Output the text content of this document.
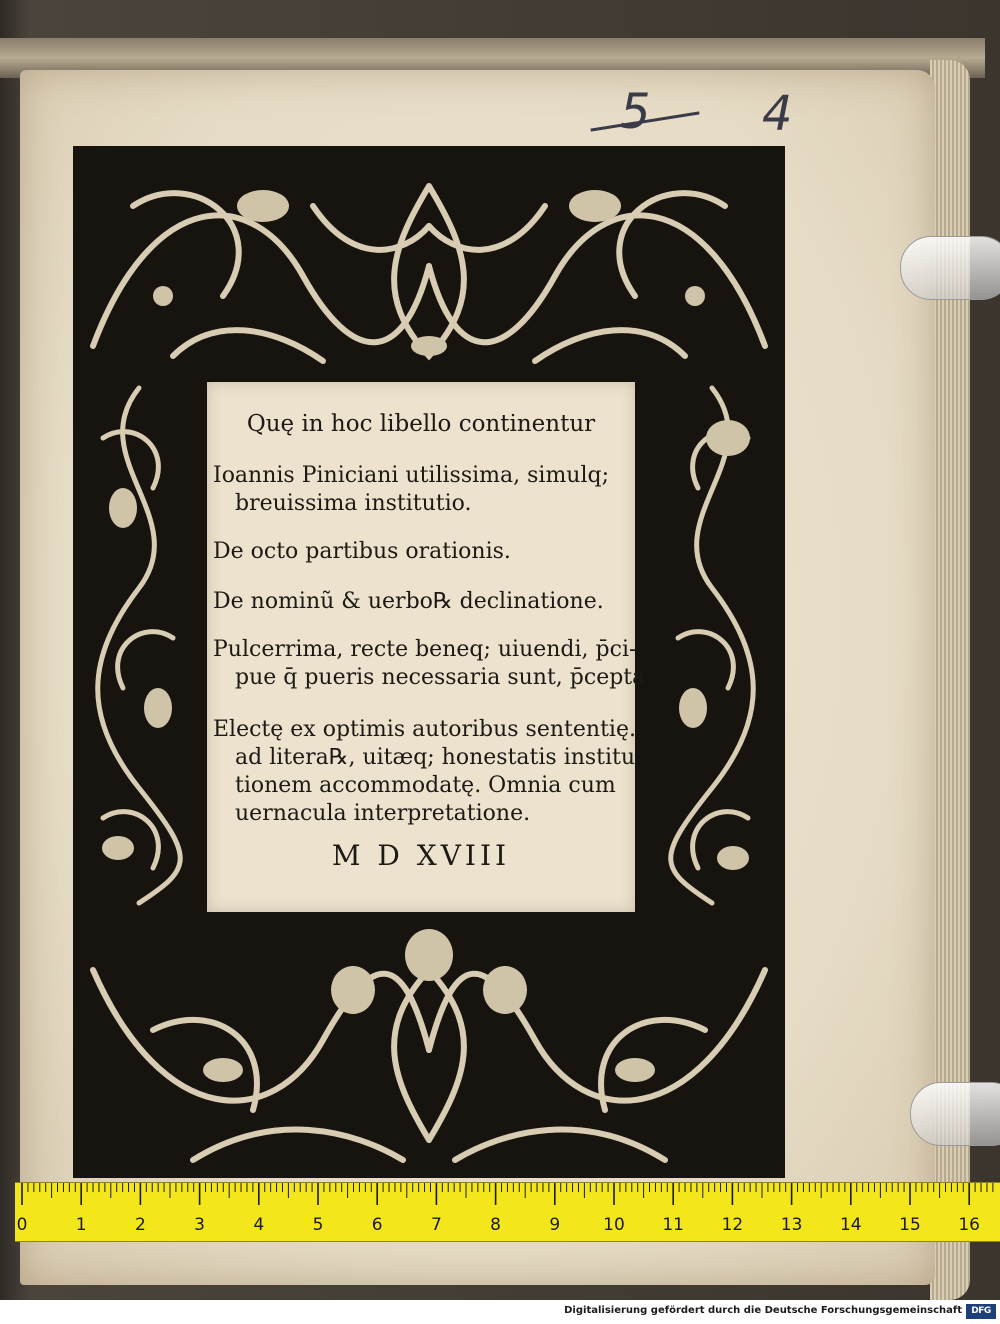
5 4
Quę in hoc libello continentur
Ioannis Piniciani utilissima, simulq;
breuissima institutio.
De octo partibus orationis.
De nominũ & uerbo℞ declinatione.
Pulcerrima, recte beneq; uiuendi, p̄ci-
pue q̄ pueris necessaria sunt, p̄cepta
Electę ex optimis autoribus sententię.
ad litera℞, uitæq; honestatis institu
tionem accommodatę. Omnia cum
uernacula interpretatione.
M D XVIII
0	1	2	3	4	5	6	7	8	9	10 11 12 13 14 15 16
Digitalisierung gefördert durch die Deutsche Forschungsgemeinschaft	DFG
